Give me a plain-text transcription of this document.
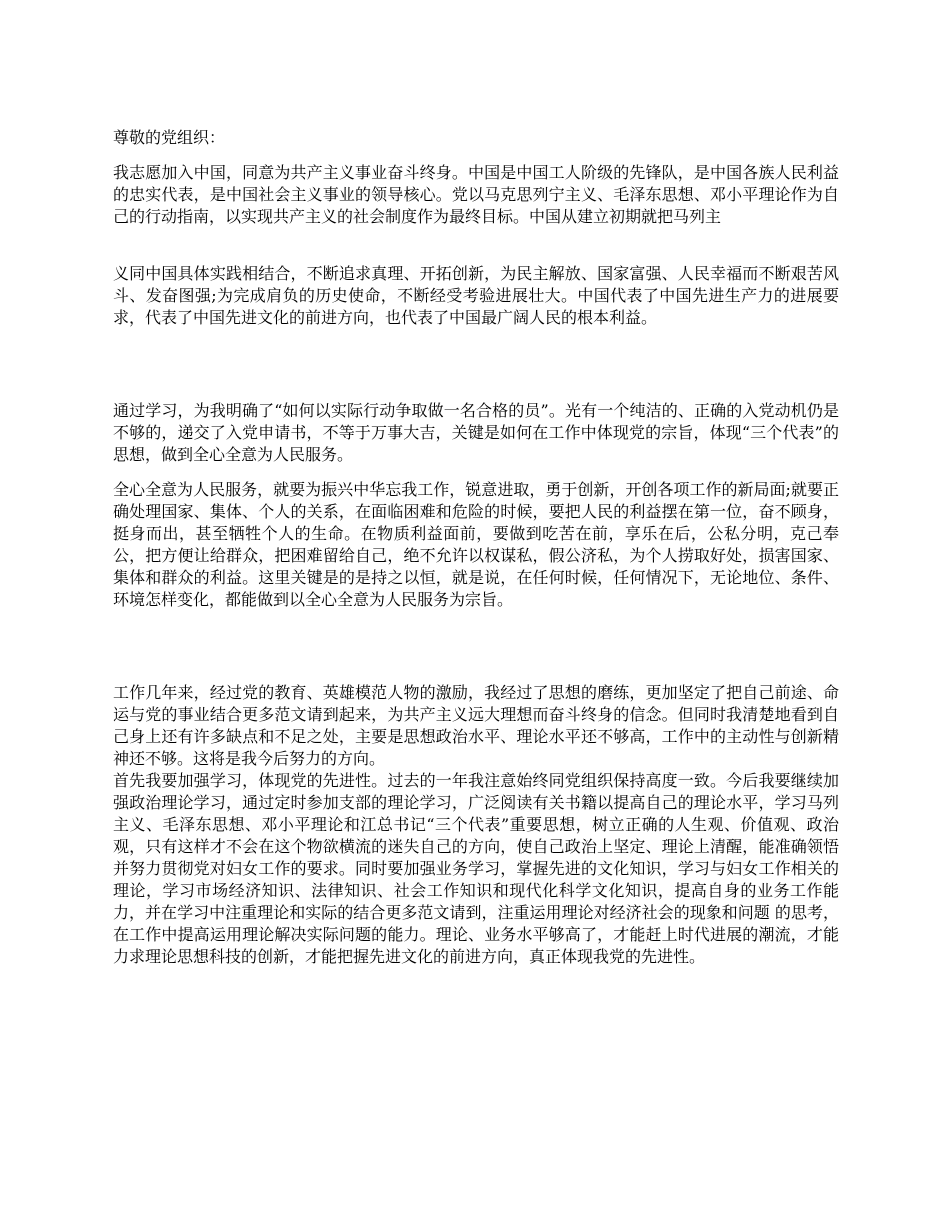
尊敬的党组织：

我志愿加入中国，同意为共产主义事业奋斗终身。中国是中国工人阶级的先锋队，是中国各族人民利益的忠实代表，是中国社会主义事业的领导核心。党以马克思列宁主义、毛泽东思想、邓小平理论作为自己的行动指南，以实现共产主义的社会制度作为最终目标。中国从建立初期就把马列主

义同中国具体实践相结合，不断追求真理、开拓创新，为民主解放、国家富强、人民幸福而不断艰苦风斗、发奋图强;为完成肩负的历史使命，不断经受考验进展壮大。中国代表了中国先进生产力的进展要求，代表了中国先进文化的前进方向，也代表了中国最广阔人民的根本利益。

通过学习，为我明确了“如何以实际行动争取做一名合格的员”。光有一个纯洁的、正确的入党动机仍是不够的，递交了入党申请书，不等于万事大吉，关键是如何在工作中体现党的宗旨，体现“三个代表”的思想，做到全心全意为人民服务。

全心全意为人民服务，就要为振兴中华忘我工作，锐意进取，勇于创新，开创各项工作的新局面;就要正确处理国家、集体、个人的关系，在面临困难和危险的时候，要把人民的利益摆在第一位，奋不顾身，挺身而出，甚至牺牲个人的生命。在物质利益面前，要做到吃苦在前，享乐在后，公私分明，克己奉公，把方便让给群众，把困难留给自己，绝不允许以权谋私，假公济私，为个人捞取好处，损害国家、集体和群众的利益。这里关键是的是持之以恒，就是说，在任何时候，任何情况下，无论地位、条件、环境怎样变化，都能做到以全心全意为人民服务为宗旨。

工作几年来，经过党的教育、英雄模范人物的激励，我经过了思想的磨练，更加坚定了把自己前途、命运与党的事业结合更多范文请到起来，为共产主义远大理想而奋斗终身的信念。但同时我清楚地看到自己身上还有许多缺点和不足之处，主要是思想政治水平、理论水平还不够高，工作中的主动性与创新精神还不够。这将是我今后努力的方向。

首先我要加强学习，体现党的先进性。过去的一年我注意始终同党组织保持高度一致。今后我要继续加强政治理论学习，通过定时参加支部的理论学习，广泛阅读有关书籍以提高自己的理论水平，学习马列主义、毛泽东思想、邓小平理论和江总书记“三个代表”重要思想，树立正确的人生观、价值观、政治观，只有这样才不会在这个物欲横流的迷失自己的方向，使自己政治上坚定、理论上清醒，能准确领悟并努力贯彻党对妇女工作的要求。同时要加强业务学习，掌握先进的文化知识，学习与妇女工作相关的理论，学习市场经济知识、法律知识、社会工作知识和现代化科学文化知识，提高自身的业务工作能力，并在学习中注重理论和实际的结合更多范文请到，注重运用理论对经济社会的现象和问题 的思考，在工作中提高运用理论解决实际问题的能力。理论、业务水平够高了，才能赶上时代进展的潮流，才能力求理论思想科技的创新，才能把握先进文化的前进方向，真正体现我党的先进性。
